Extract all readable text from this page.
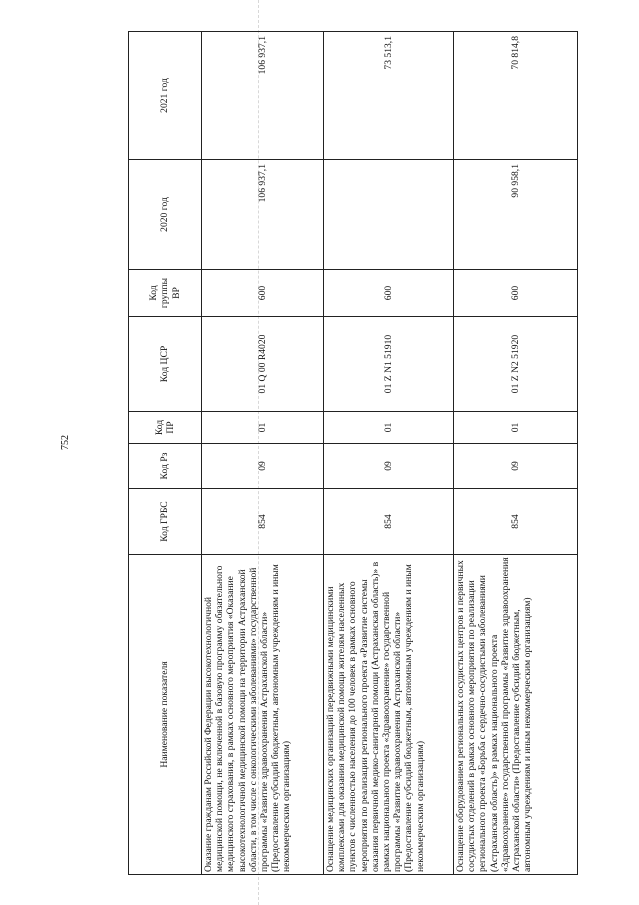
752
Наименование показателя	Код ГРБС	Код Рз	Код ПР	Код ЦСР	Код группы ВР	2020 год	2021 год
Оказание гражданам Российской Федерации высокотехнологичной медицинской помощи, не включенной в базовую программу обязательного медицинского страхования, в рамках основного мероприятия «Оказание высокотехнологичной медицинской помощи на территории Астраханской области, в том числе с онкологическими заболеваниями» государственной программы «Развитие здравоохранения Астраханской области» (Предоставление субсидий бюджетным, автономным учреждениям и иным некоммерческим организациям)	854	09	01	01 Q 00 R4020	600	106 937,1	106 937,1
Оснащение медицинских организаций передвижными медицинскими комплексами для оказания медицинской помощи жителям населенных пунктов с численностью населения до 100 человек в рамках основного мероприятия по реализации регионального проекта «Развитие системы оказания первичной медико-санитарной помощи (Астраханская область)» в рамках национального проекта «Здравоохранение» государственной программы «Развитие здравоохранения Астраханской области» (Предоставление субсидий бюджетным, автономным учреждениям и иным некоммерческим организациям)	854	09	01	01 Z N1 51910	600		73 513,1
Оснащение оборудованием региональных сосудистых центров и первичных сосудистых отделений в рамках основного мероприятия по реализации регионального проекта «Борьба с сердечно-сосудистыми заболеваниями (Астраханская область)» в рамках национального проекта «Здравоохранение» государственной программы «Развитие здравоохранения Астраханской области» (Предоставление субсидий бюджетным, автономным учреждениям и иным некоммерческим организациям)	854	09	01	01 Z N2 51920	600	90 958,1	70 814,8
